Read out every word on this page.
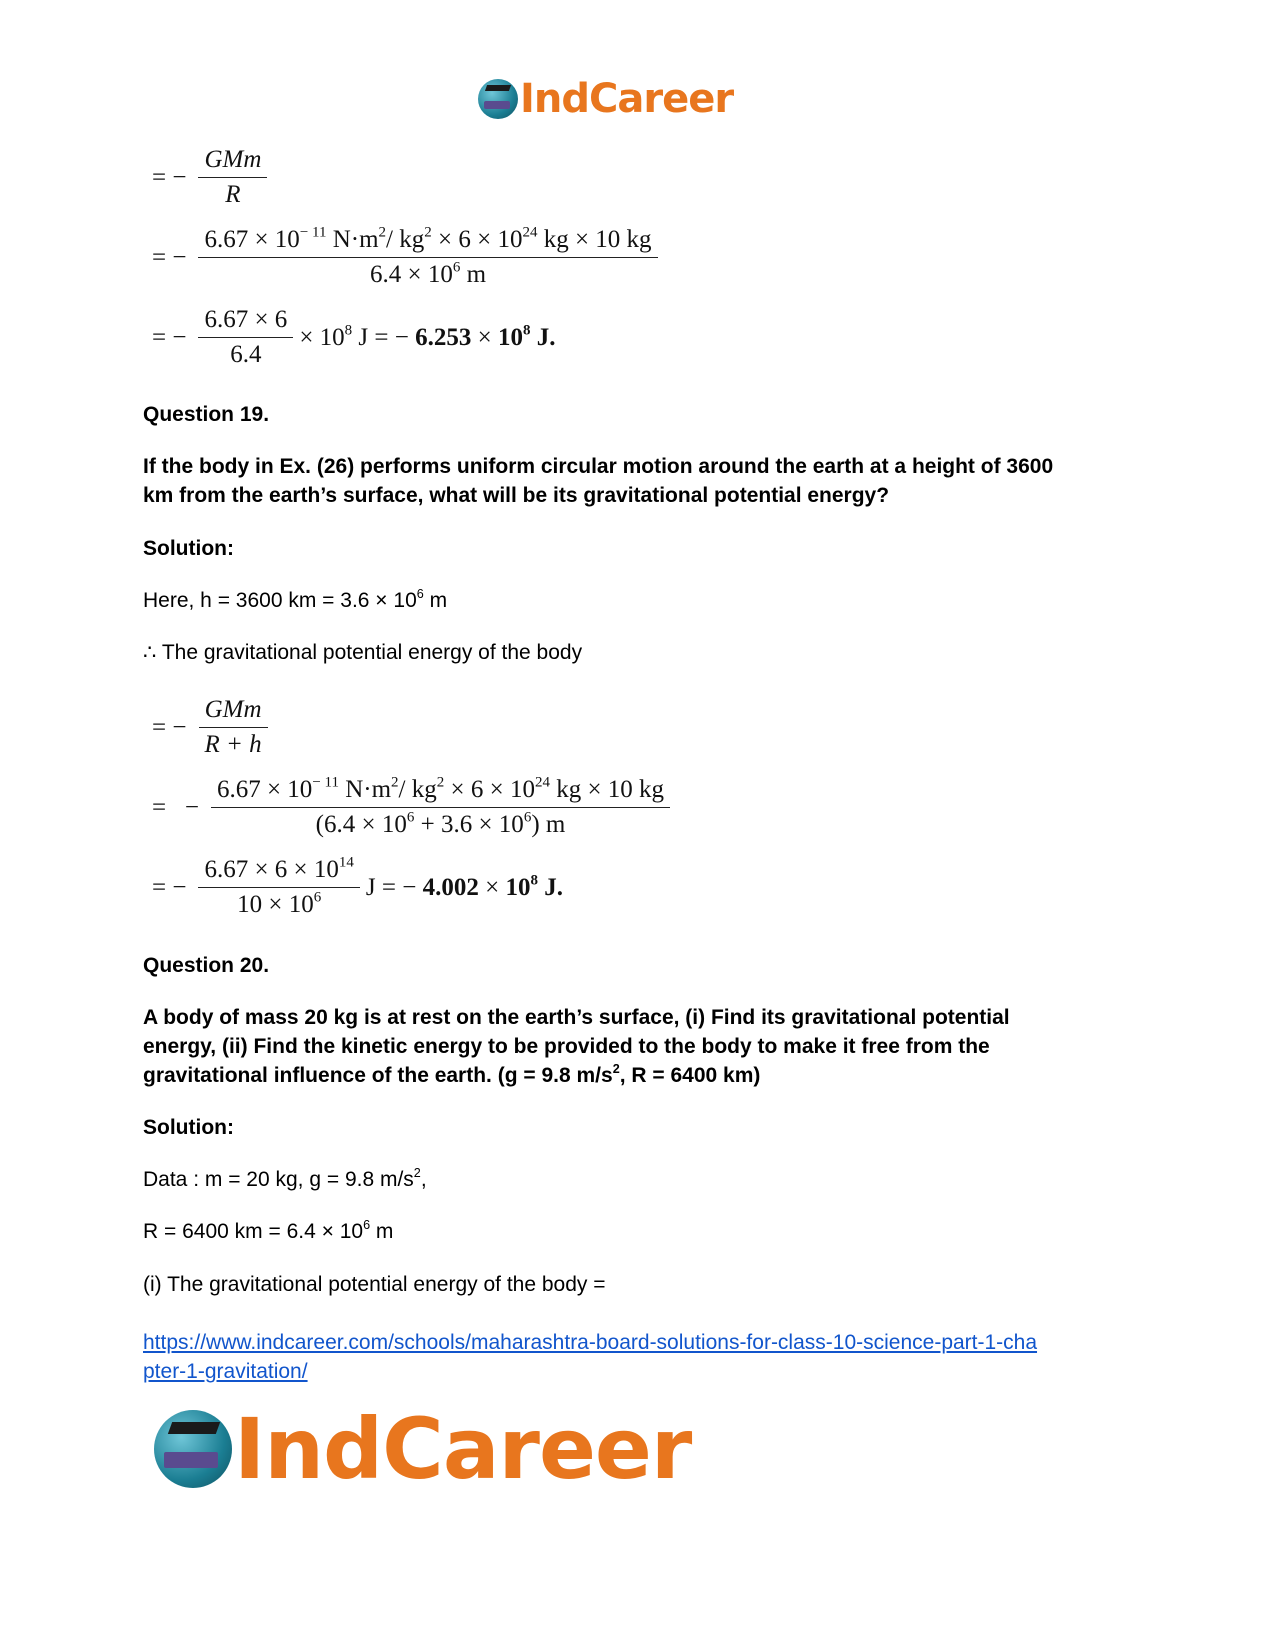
IndCareer
= − $\frac{\text{GMm}}{R}$
= − $\frac{6.67 \times 10^{- 11} N\cdot m^2/ kg^2 \times 6 \times 10^{24} kg \times 10 kg}{6.4 \times 10^6 m}$
= − $\frac{6.67 \times 6}{6.4} \times 10^8$ J = − $6.253 \times 10^8$ J.
Question 19.
If the body in Ex. (26) performs uniform circular motion around the earth at a height of 3600 km from the earth’s surface, what will be its gravitational potential energy?
Solution:
Here, h = 3600 km = $3.6 \times 10^6$ m
∴ The gravitational potential energy of the body
= − $\frac{\text{GMm}}{R + h}$
=   − $\frac{6.67 \times 10^{- 11} N\cdot m^2/ kg^2 \times 6 \times 10^{24} kg \times 10 kg}{(6.4 \times 10^6 + 3.6 \times 10^6) m}$
= − $\frac{6.67 \times 6 \times 10^{14}}{10 \times 10^6}$ J = − $4.002 \times 10^8$ J.
Question 20.
A body of mass 20 kg is at rest on the earth’s surface, (i) Find its gravitational potential energy, (ii) Find the kinetic energy to be provided to the body to make it free from the gravitational influence of the earth. (g = 9.8 $m/s^2$, R = 6400 km)
Solution:
Data : m = 20 kg, g = 9.8 $m/s^2$,
R = 6400 km = $6.4 \times 10^6$ m
(i) The gravitational potential energy of the body =
https://www.indcareer.com/schools/maharashtra-board-solutions-for-class-10-science-part-1-cha
pter-1-gravitation/
IndCareer
